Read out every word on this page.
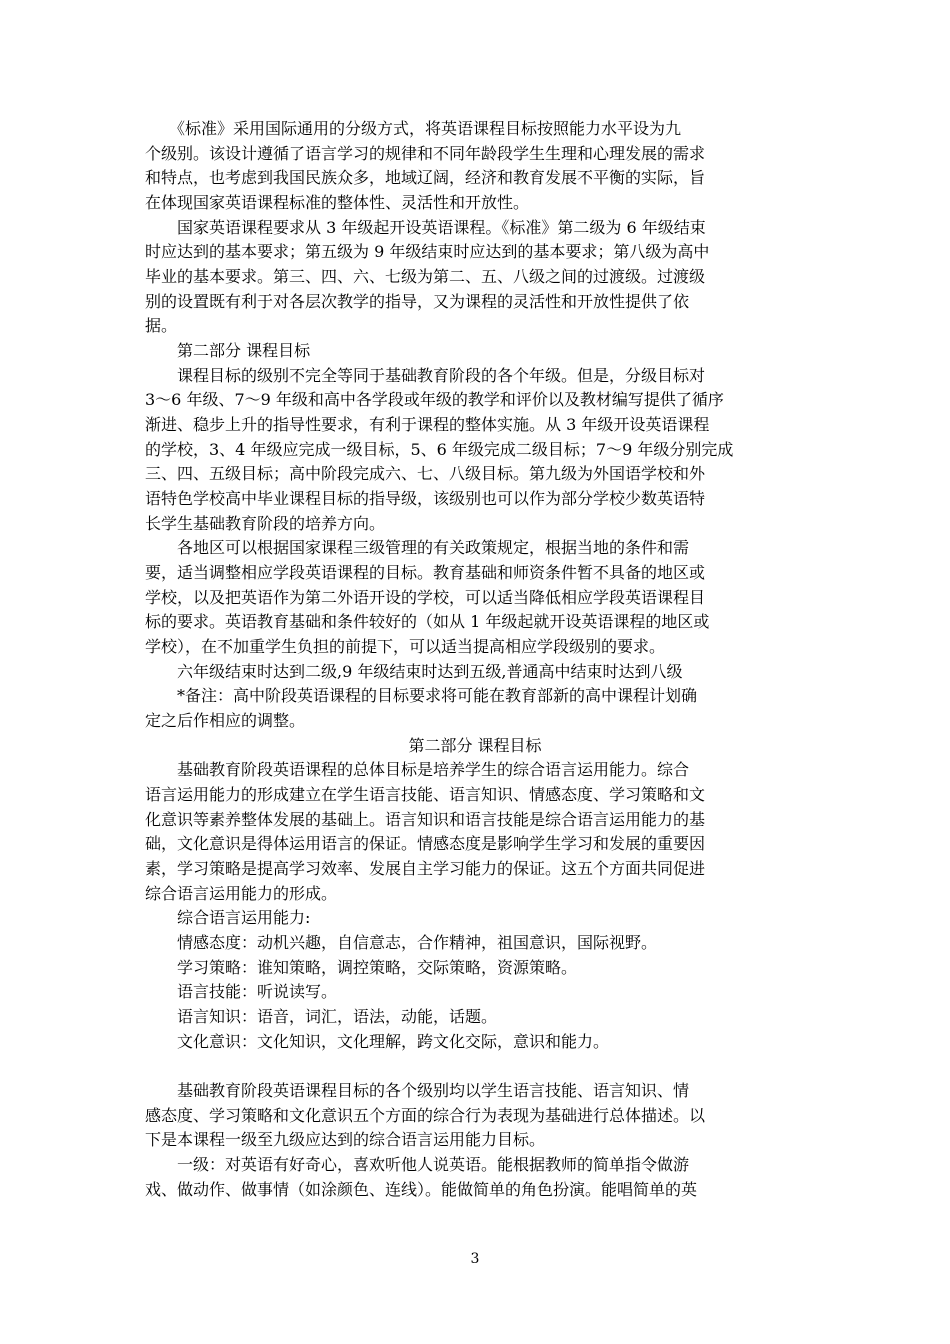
　　《标准》采用国际通用的分级方式，将英语课程目标按照能力水平设为九
个级别。该设计遵循了语言学习的规律和不同年龄段学生生理和心理发展的需求
和特点，也考虑到我国民族众多，地域辽阔，经济和教育发展不平衡的实际，旨
在体现国家英语课程标准的整体性、灵活性和开放性。
　　国家英语课程要求从 3 年级起开设英语课程。《标准》第二级为 6 年级结束
时应达到的基本要求；第五级为 9 年级结束时应达到的基本要求；第八级为高中
毕业的基本要求。第三、四、六、七级为第二、五、八级之间的过渡级。过渡级
别的设置既有利于对各层次教学的指导，又为课程的灵活性和开放性提供了依
据。
　　第二部分 课程目标
　　课程目标的级别不完全等同于基础教育阶段的各个年级。但是，分级目标对
3～6 年级、7～9 年级和高中各学段或年级的教学和评价以及教材编写提供了循序
渐进、稳步上升的指导性要求，有利于课程的整体实施。从 3 年级开设英语课程
的学校，3、4 年级应完成一级目标，5、6 年级完成二级目标；7～9 年级分别完成
三、四、五级目标；高中阶段完成六、七、八级目标。第九级为外国语学校和外
语特色学校高中毕业课程目标的指导级，该级别也可以作为部分学校少数英语特
长学生基础教育阶段的培养方向。
　　各地区可以根据国家课程三级管理的有关政策规定，根据当地的条件和需
要，适当调整相应学段英语课程的目标。教育基础和师资条件暂不具备的地区或
学校，以及把英语作为第二外语开设的学校，可以适当降低相应学段英语课程目
标的要求。英语教育基础和条件较好的（如从 1 年级起就开设英语课程的地区或
学校），在不加重学生负担的前提下，可以适当提高相应学段级别的要求。
　　六年级结束时达到二级,9 年级结束时达到五级,普通高中结束时达到八级
　　*备注：高中阶段英语课程的目标要求将可能在教育部新的高中课程计划确
定之后作相应的调整。
第二部分 课程目标
　　基础教育阶段英语课程的总体目标是培养学生的综合语言运用能力。综合
语言运用能力的形成建立在学生语言技能、语言知识、情感态度、学习策略和文
化意识等素养整体发展的基础上。语言知识和语言技能是综合语言运用能力的基
础，文化意识是得体运用语言的保证。情感态度是影响学生学习和发展的重要因
素，学习策略是提高学习效率、发展自主学习能力的保证。这五个方面共同促进
综合语言运用能力的形成。
　　综合语言运用能力:
　　情感态度：动机兴趣，自信意志，合作精神，祖国意识，国际视野。
　　学习策略：谁知策略，调控策略，交际策略，资源策略。
　　语言技能：听说读写。
　　语言知识：语音，词汇，语法，动能，话题。
　　文化意识：文化知识，文化理解，跨文化交际，意识和能力。
　　基础教育阶段英语课程目标的各个级别均以学生语言技能、语言知识、情
感态度、学习策略和文化意识五个方面的综合行为表现为基础进行总体描述。以
下是本课程一级至九级应达到的综合语言运用能力目标。
　　一级：对英语有好奇心，喜欢听他人说英语。能根据教师的简单指令做游
戏、做动作、做事情（如涂颜色、连线）。能做简单的角色扮演。能唱简单的英
3
